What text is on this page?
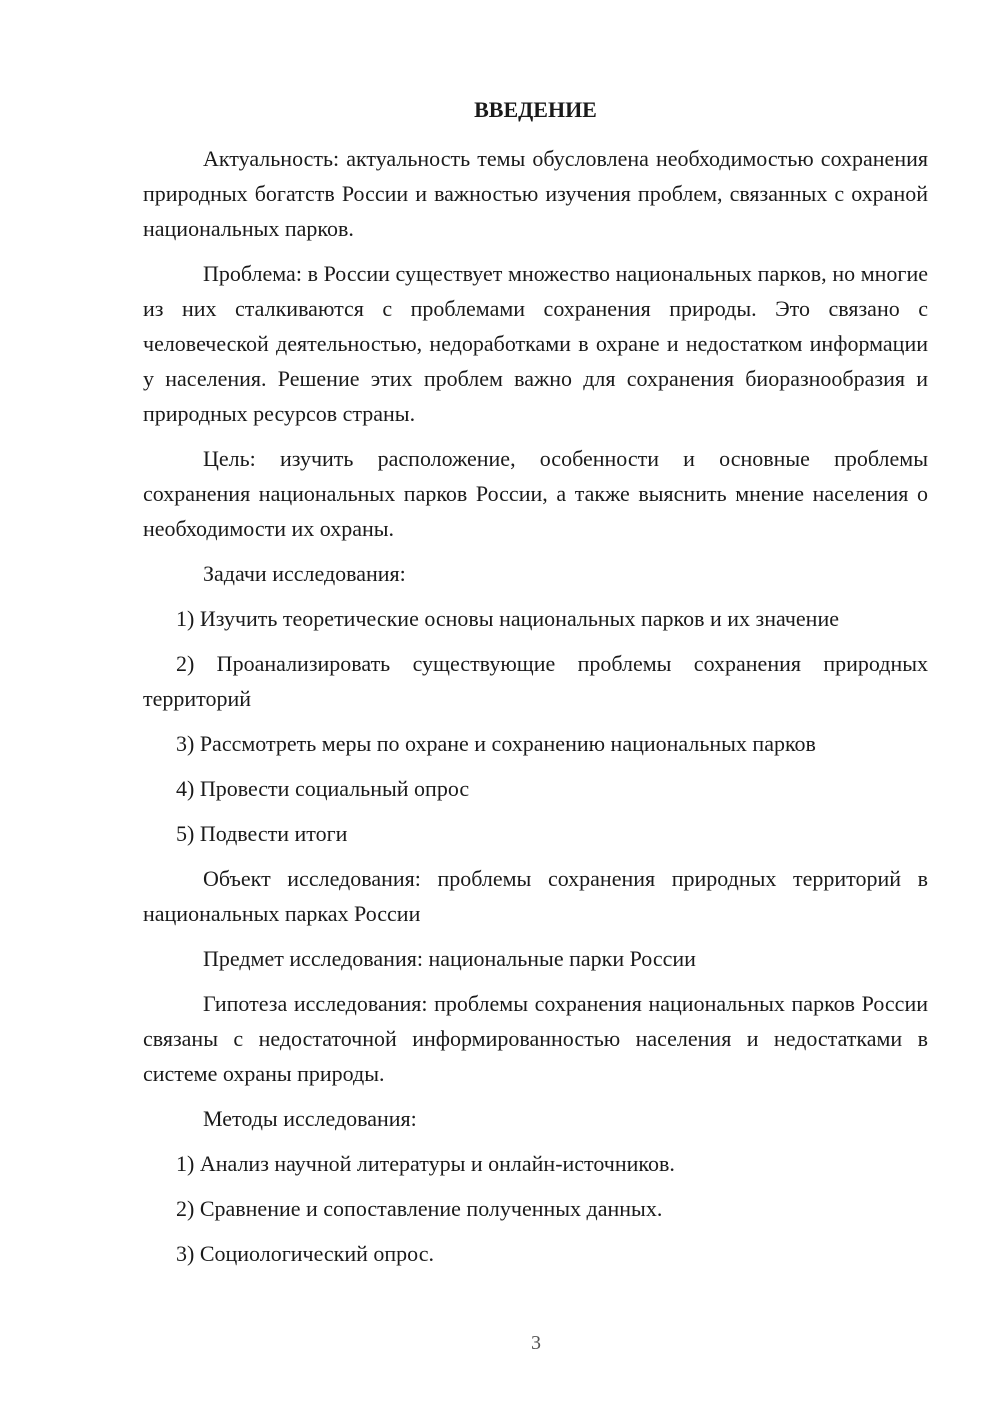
ВВЕДЕНИЕ

Актуальность: актуальность темы обусловлена необходимостью сохранения природных богатств России и важностью изучения проблем, связанных с охраной национальных парков.

Проблема: в России существует множество национальных парков, но многие из них сталкиваются с проблемами сохранения природы. Это связано с человеческой деятельностью, недоработками в охране и недостатком информации у населения. Решение этих проблем важно для сохранения биоразнообразия и природных ресурсов страны.

Цель: изучить расположение, особенности и основные проблемы сохранения национальных парков России, а также выяснить мнение населения о необходимости их охраны.

Задачи исследования:

1) Изучить теоретические основы национальных парков и их значение

2) Проанализировать существующие проблемы сохранения природных территорий

3) Рассмотреть меры по охране и сохранению национальных парков

4) Провести социальный опрос

5) Подвести итоги

Объект исследования: проблемы сохранения природных территорий в национальных парках России

Предмет исследования: национальные парки России

Гипотеза исследования: проблемы сохранения национальных парков России связаны с недостаточной информированностью населения и недостатками в системе охраны природы.

Методы исследования:

1) Анализ научной литературы и онлайн-источников.

2) Сравнение и сопоставление полученных данных.

3) Социологический опрос.

3
